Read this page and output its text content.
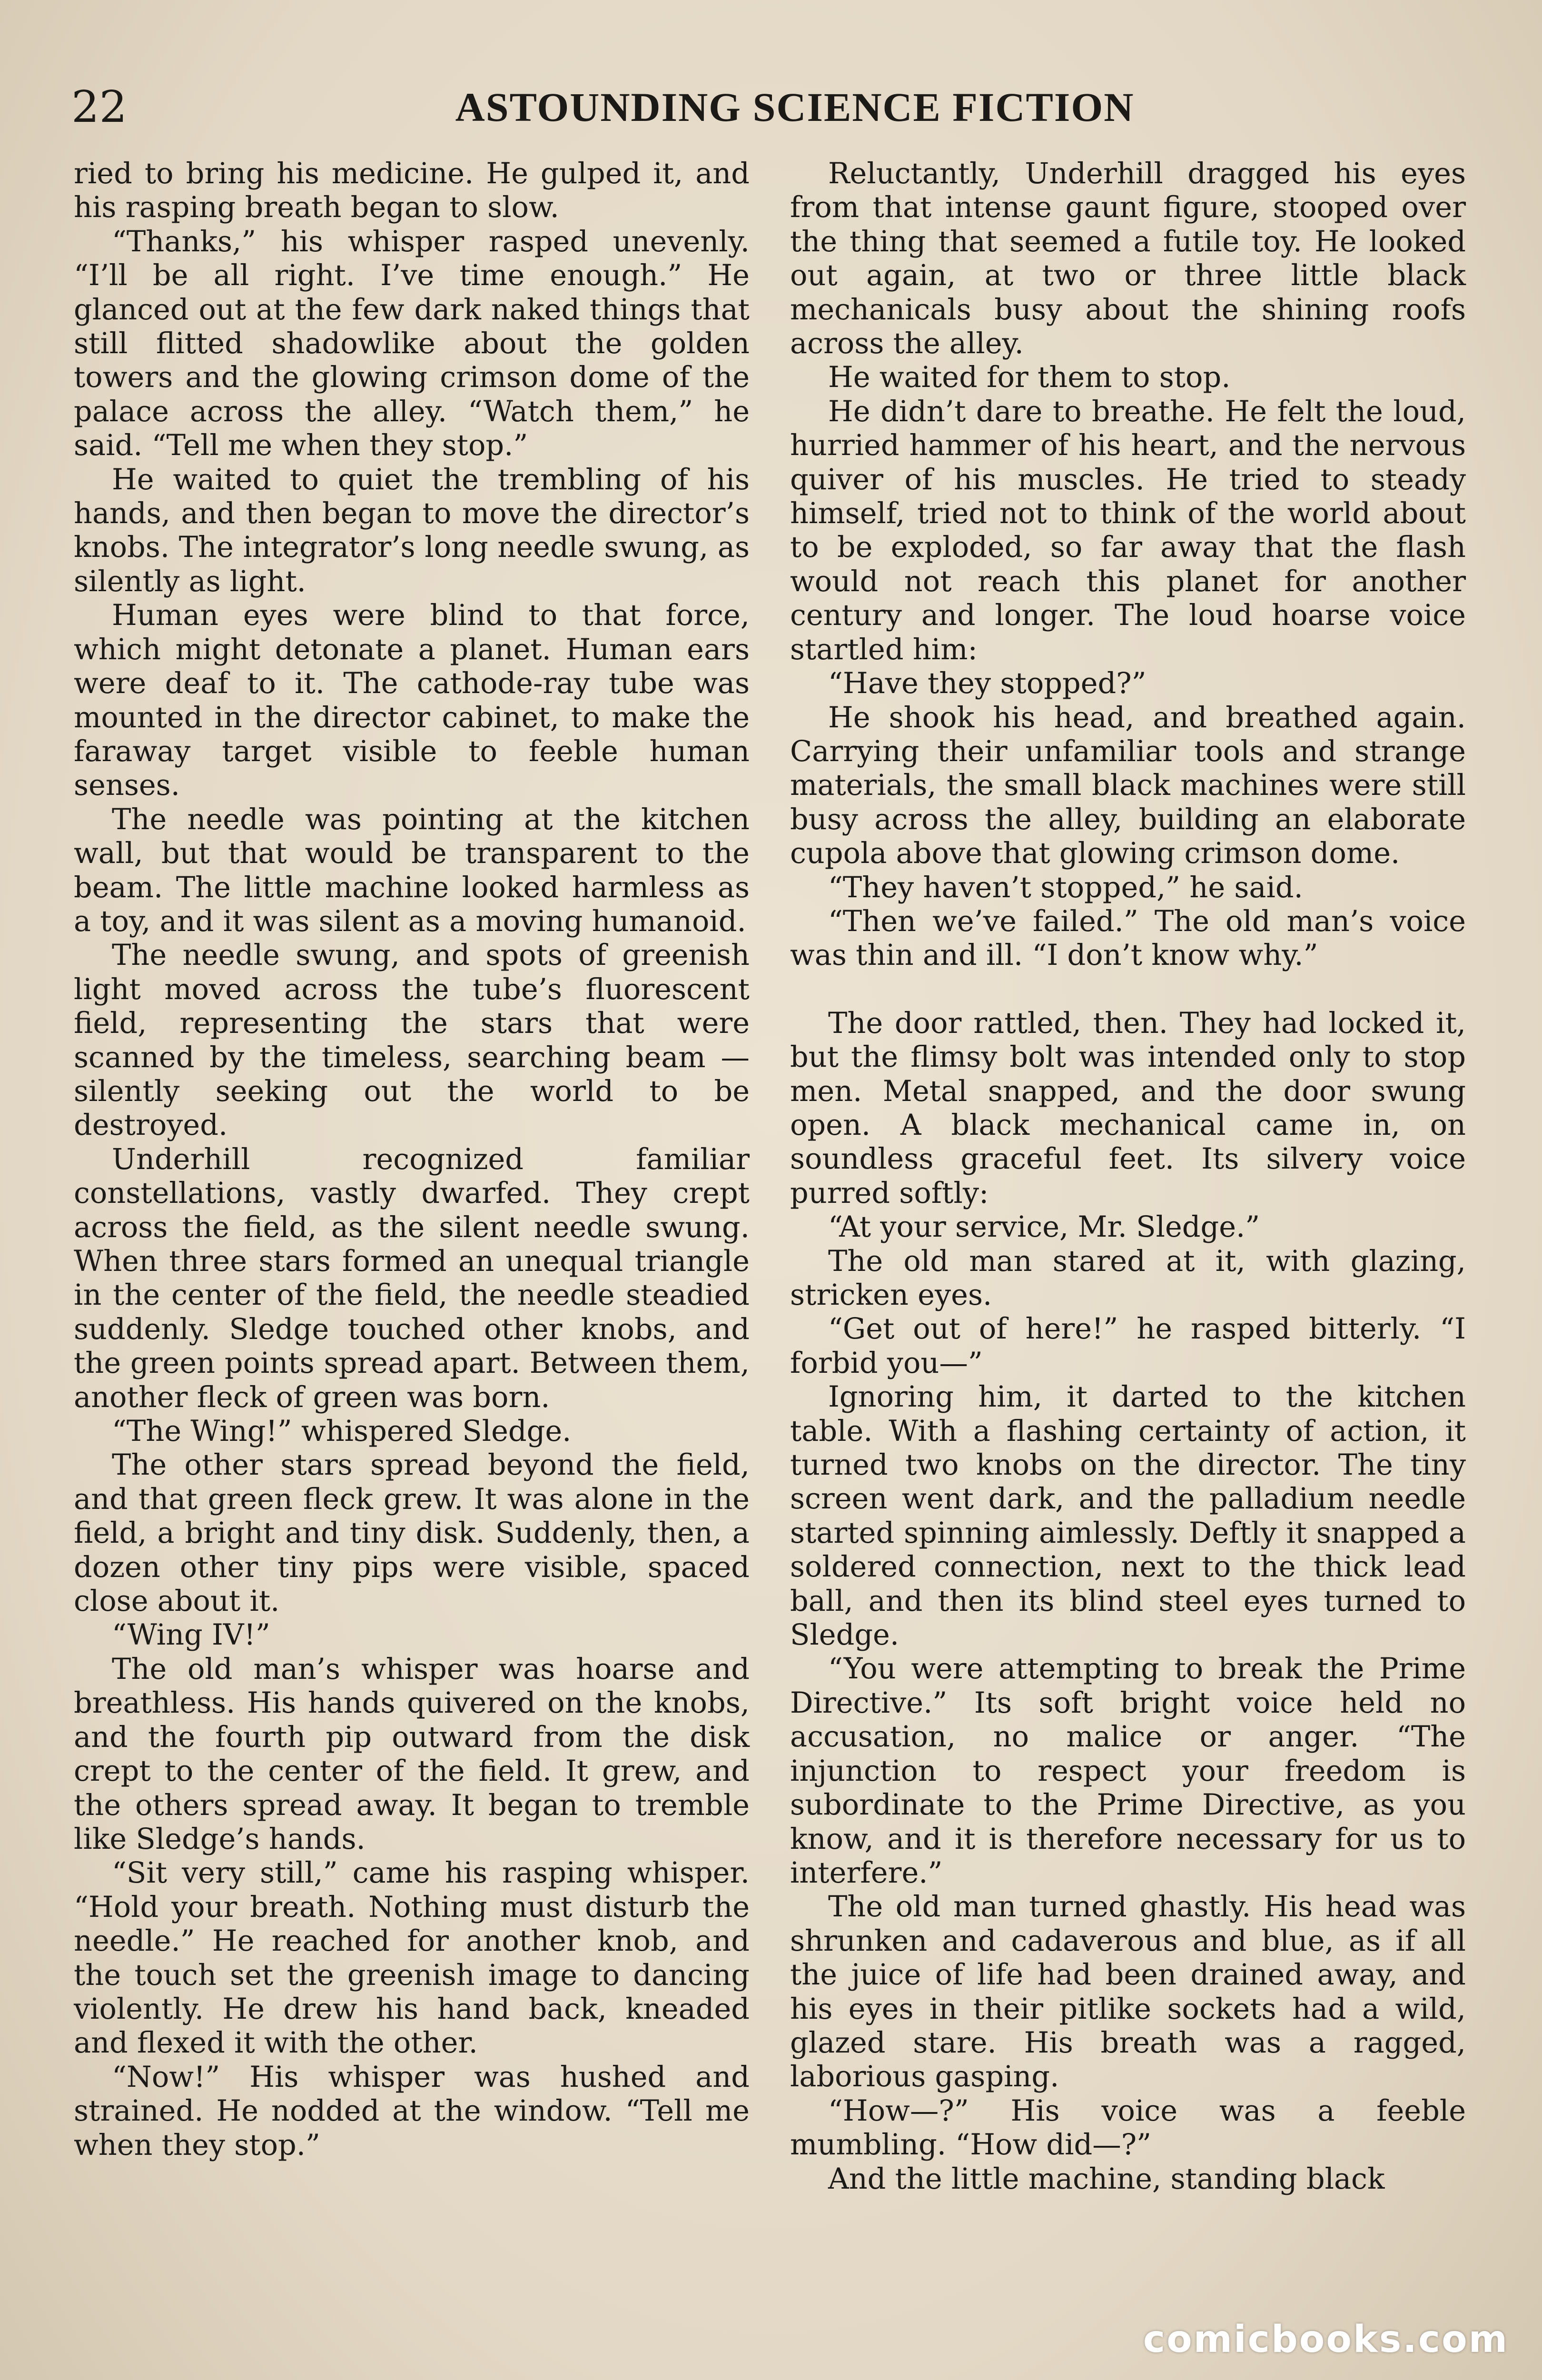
22	ASTOUNDING SCIENCE FICTION

ried to bring his medicine. He gulped it, and his rasping breath began to slow.

“Thanks,” his whisper rasped unevenly. “I’ll be all right. I’ve time enough.” He glanced out at the few dark naked things that still flitted shadowlike about the golden towers and the glowing crimson dome of the palace across the alley. “Watch them,” he said. “Tell me when they stop.”

He waited to quiet the trembling of his hands, and then began to move the director’s knobs. The integrator’s long needle swung, as silently as light.

Human eyes were blind to that force, which might detonate a planet. Human ears were deaf to it. The cathode-ray tube was mounted in the director cabinet, to make the faraway target visible to feeble human senses.

The needle was pointing at the kitchen wall, but that would be transparent to the beam. The little machine looked harmless as a toy, and it was silent as a moving humanoid.

The needle swung, and spots of greenish light moved across the tube’s fluorescent field, representing the stars that were scanned by the timeless, searching beam —silently seeking out the world to be destroyed.

Underhill recognized familiar constellations, vastly dwarfed. They crept across the field, as the silent needle swung. When three stars formed an unequal triangle in the center of the field, the needle steadied suddenly. Sledge touched other knobs, and the green points spread apart. Between them, another fleck of green was born.

“The Wing!” whispered Sledge.

The other stars spread beyond the field, and that green fleck grew. It was alone in the field, a bright and tiny disk. Suddenly, then, a dozen other tiny pips were visible, spaced close about it.

“Wing IV!”

The old man’s whisper was hoarse and breathless. His hands quivered on the knobs, and the fourth pip outward from the disk crept to the center of the field. It grew, and the others spread away. It began to tremble like Sledge’s hands.

“Sit very still,” came his rasping whisper. “Hold your breath. Nothing must disturb the needle.” He reached for another knob, and the touch set the greenish image to dancing violently. He drew his hand back, kneaded and flexed it with the other.

“Now!” His whisper was hushed and strained. He nodded at the window. “Tell me when they stop.”

Reluctantly, Underhill dragged his eyes from that intense gaunt figure, stooped over the thing that seemed a futile toy. He looked out again, at two or three little black mechanicals busy about the shining roofs across the alley.

He waited for them to stop.

He didn’t dare to breathe. He felt the loud, hurried hammer of his heart, and the nervous quiver of his muscles. He tried to steady himself, tried not to think of the world about to be exploded, so far away that the flash would not reach this planet for another century and longer. The loud hoarse voice startled him:

“Have they stopped?”

He shook his head, and breathed again. Carrying their unfamiliar tools and strange materials, the small black machines were still busy across the alley, building an elaborate cupola above that glowing crimson dome.

“They haven’t stopped,” he said.

“Then we’ve failed.” The old man’s voice was thin and ill. “I don’t know why.”

The door rattled, then. They had locked it, but the flimsy bolt was intended only to stop men. Metal snapped, and the door swung open. A black mechanical came in, on soundless graceful feet. Its silvery voice purred softly:

“At your service, Mr. Sledge.”

The old man stared at it, with glazing, stricken eyes.

“Get out of here!” he rasped bitterly. “I forbid you—”

Ignoring him, it darted to the kitchen table. With a flashing certainty of action, it turned two knobs on the director. The tiny screen went dark, and the palladium needle started spinning aimlessly. Deftly it snapped a soldered connection, next to the thick lead ball, and then its blind steel eyes turned to Sledge.

“You were attempting to break the Prime Directive.” Its soft bright voice held no accusation, no malice or anger. “The injunction to respect your freedom is subordinate to the Prime Directive, as you know, and it is therefore necessary for us to interfere.”

The old man turned ghastly. His head was shrunken and cadaverous and blue, as if all the juice of life had been drained away, and his eyes in their pitlike sockets had a wild, glazed stare. His breath was a ragged, laborious gasping.

“How—?” His voice was a feeble mumbling. “How did—?”

And the little machine, standing black

comicbooks.com
